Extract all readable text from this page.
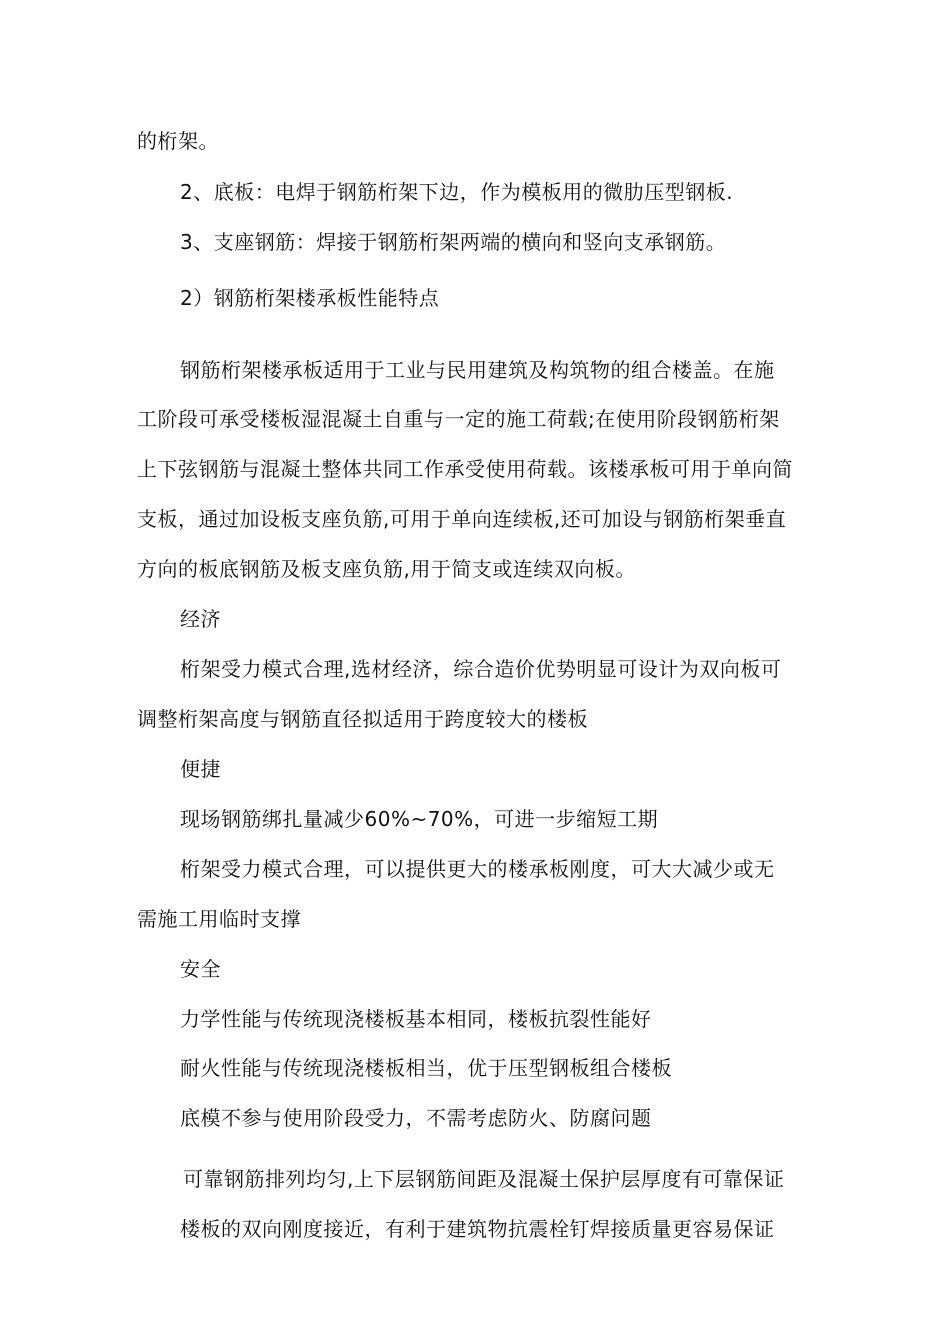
的桁架。
2、底板：电焊于钢筋桁架下边，作为模板用的微肋压型钢板.
3、支座钢筋：焊接于钢筋桁架两端的横向和竖向支承钢筋。
2）钢筋桁架楼承板性能特点
钢筋桁架楼承板适用于工业与民用建筑及构筑物的组合楼盖。在施
工阶段可承受楼板湿混凝土自重与一定的施工荷载;在使用阶段钢筋桁架
上下弦钢筋与混凝土整体共同工作承受使用荷载。该楼承板可用于单向简
支板，通过加设板支座负筋,可用于单向连续板,还可加设与钢筋桁架垂直
方向的板底钢筋及板支座负筋,用于简支或连续双向板。
经济
桁架受力模式合理,选材经济，综合造价优势明显可设计为双向板可
调整桁架高度与钢筋直径拟适用于跨度较大的楼板
便捷
现场钢筋绑扎量减少60%~70%，可进一步缩短工期
桁架受力模式合理，可以提供更大的楼承板刚度，可大大减少或无
需施工用临时支撑
安全
力学性能与传统现浇楼板基本相同，楼板抗裂性能好
耐火性能与传统现浇楼板相当，优于压型钢板组合楼板
底模不参与使用阶段受力，不需考虑防火、防腐问题
可靠钢筋排列均匀,上下层钢筋间距及混凝土保护层厚度有可靠保证
楼板的双向刚度接近，有利于建筑物抗震栓钉焊接质量更容易保证
